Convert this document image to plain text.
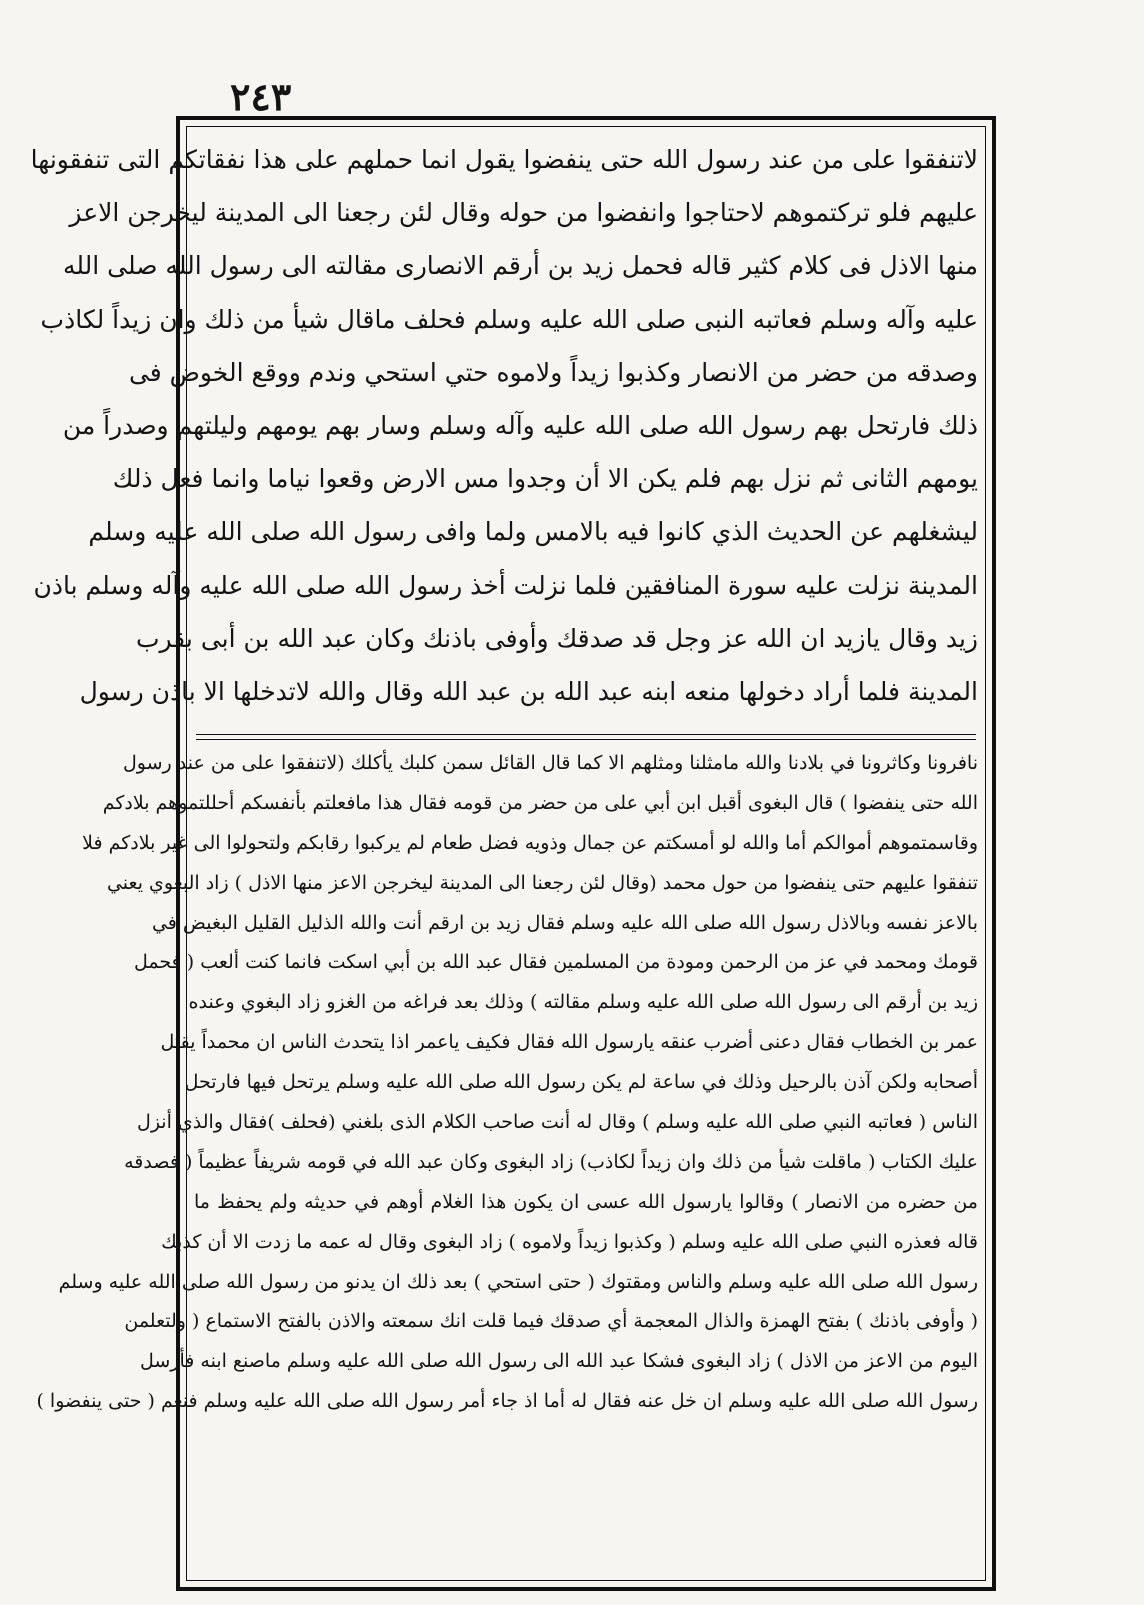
٢٤٣
لاتنفقوا على من عند رسول الله حتى ينفضوا يقول انما حملهم على هذا نفقاتكم التى تنفقونها
عليهم فلو تركتموهم لاحتاجوا وانفضوا من حوله وقال لئن رجعنا الى المدينة ليخرجن الاعز
منها الاذل فى كلام كثير قاله فحمل زيد بن أرقم الانصارى مقالته الى رسول الله صلى الله
عليه وآله وسلم فعاتبه النبى صلى الله عليه وسلم فحلف ماقال شيأ من ذلك وان زيداً لكاذب
وصدقه من حضر من الانصار وكذبوا زيداً ولاموه حتي استحي وندم ووقع الخوض فى
ذلك فارتحل بهم رسول الله صلى الله عليه وآله وسلم وسار بهم يومهم وليلتهم وصدراً من
يومهم الثانى ثم نزل بهم فلم يكن الا أن وجدوا مس الارض وقعوا نياما وانما فعل ذلك
ليشغلهم عن الحديث الذي كانوا فيه بالامس ولما وافى رسول الله صلى الله عليه وسلم
المدينة نزلت عليه سورة المنافقين فلما نزلت أخذ رسول الله صلى الله عليه وآله وسلم باذن
زيد وقال يازيد ان الله عز وجل قد صدقك وأوفى باذنك وكان عبد الله بن أبى بقرب
المدينة فلما أراد دخولها منعه ابنه عبد الله بن عبد الله وقال والله لاتدخلها الا باذن رسول
نافرونا وكاثرونا في بلادنا والله مامثلنا ومثلهم الا كما قال القائل سمن كلبك يأكلك (لاتنفقوا على من عند رسول
الله حتى ينفضوا ) قال البغوى أقبل ابن أبي على من حضر من قومه فقال هذا مافعلتم بأنفسكم أحللتموهم بلادكم
وقاسمتموهم أموالكم أما والله لو أمسكتم عن جمال وذويه فضل طعام لم يركبوا رقابكم ولتحولوا الى غير بلادكم فلا
تنفقوا عليهم حتى ينفضوا من حول محمد (وقال لئن رجعنا الى المدينة ليخرجن الاعز منها الاذل ) زاد البغوي يعني
بالاعز نفسه وبالاذل رسول الله صلى الله عليه وسلم فقال زيد بن ارقم أنت والله الذليل القليل البغيض في
قومك ومحمد في عز من الرحمن ومودة من المسلمين فقال عبد الله بن أبي اسكت فانما كنت ألعب ( فحمل
زيد بن أرقم الى رسول الله صلى الله عليه وسلم مقالته ) وذلك بعد فراغه من الغزو زاد البغوي وعنده
عمر بن الخطاب فقال دعنى أضرب عنقه يارسول الله فقال فكيف ياعمر اذا يتحدث الناس ان محمداً يقتل
أصحابه ولكن آذن بالرحيل وذلك في ساعة لم يكن رسول الله صلى الله عليه وسلم يرتحل فيها فارتحل
الناس ( فعاتبه النبي صلى الله عليه وسلم ) وقال له أنت صاحب الكلام الذى بلغني (فحلف )فقال والذي أنزل
عليك الكتاب ( ماقلت شيأ من ذلك وان زيداً لكاذب) زاد البغوى وكان عبد الله في قومه شريفاً عظيماً ( فصدقه
من حضره من الانصار ) وقالوا يارسول الله عسى ان يكون هذا الغلام أوهم في حديثه ولم يحفظ ما
قاله فعذره النبي صلى الله عليه وسلم ( وكذبوا زيداً ولاموه ) زاد البغوى وقال له عمه ما زدت الا أن كذبك
رسول الله صلى الله عليه وسلم والناس ومقتوك ( حتى استحي ) بعد ذلك ان يدنو من رسول الله صلى الله عليه وسلم
( وأوفى باذنك ) بفتح الهمزة والذال المعجمة أي صدقك فيما قلت انك سمعته والاذن بالفتح الاستماع ( ولتعلمن
اليوم من الاعز من الاذل ) زاد البغوى فشكا عبد الله الى رسول الله صلى الله عليه وسلم ماصنع ابنه فأرسل
رسول الله صلى الله عليه وسلم ان خل عنه فقال له أما اذ جاء أمر رسول الله صلى الله عليه وسلم فنعم ( حتى ينفضوا )
